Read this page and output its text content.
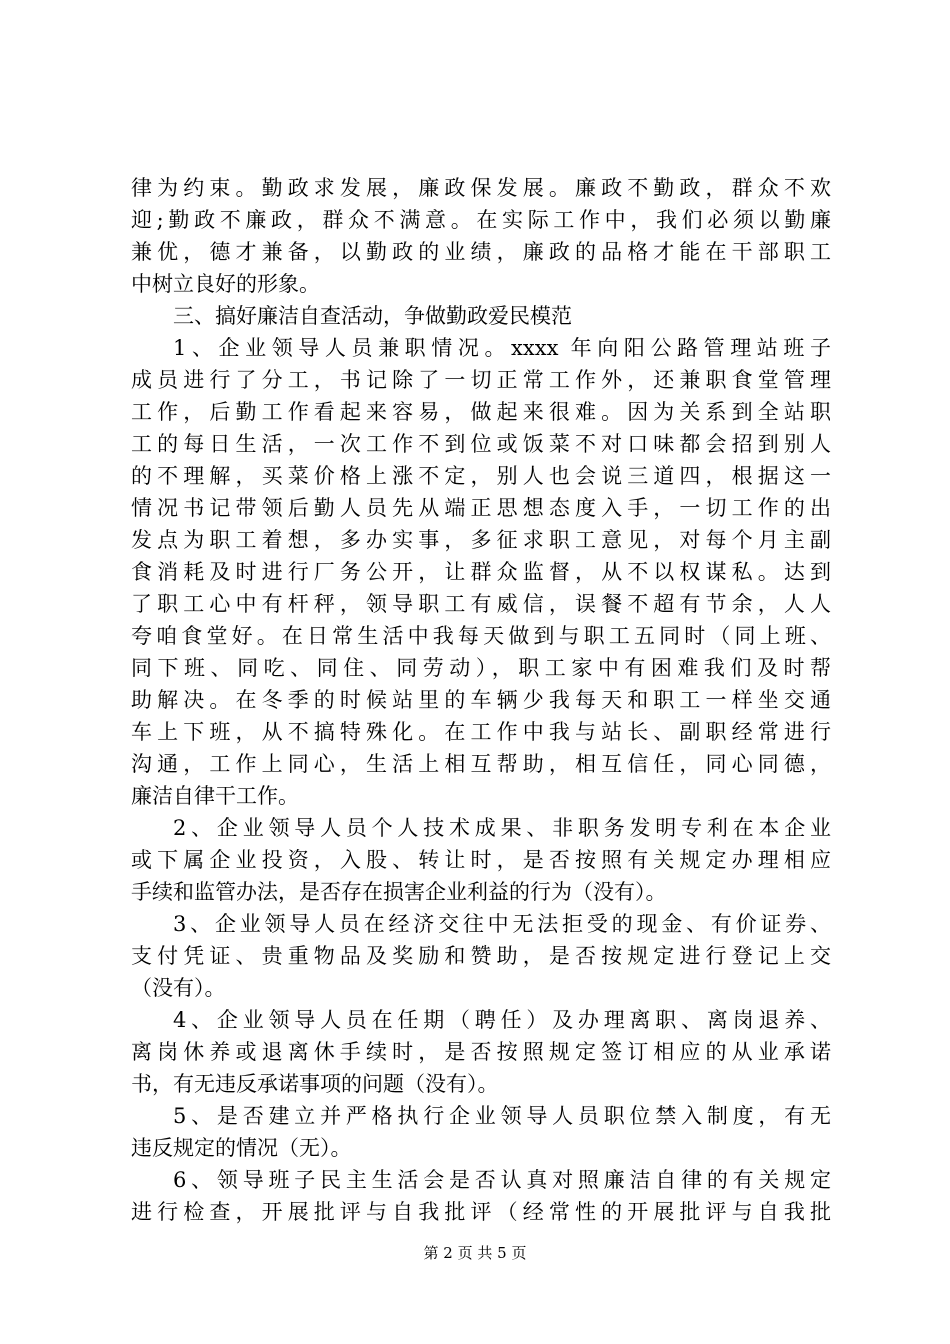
律为约束。勤政求发展，廉政保发展。廉政不勤政，群众不欢
迎;勤政不廉政，群众不满意。在实际工作中，我们必须以勤廉
兼优，德才兼备，以勤政的业绩，廉政的品格才能在干部职工
中树立良好的形象。
三、搞好廉洁自查活动，争做勤政爱民模范
1、企业领导人员兼职情况。xxxx 年向阳公路管理站班子
成员进行了分工，书记除了一切正常工作外，还兼职食堂管理
工作，后勤工作看起来容易，做起来很难。因为关系到全站职
工的每日生活，一次工作不到位或饭菜不对口味都会招到别人
的不理解，买菜价格上涨不定，别人也会说三道四，根据这一
情况书记带领后勤人员先从端正思想态度入手，一切工作的出
发点为职工着想，多办实事，多征求职工意见，对每个月主副
食消耗及时进行厂务公开，让群众监督，从不以权谋私。达到
了职工心中有杆秤，领导职工有威信，误餐不超有节余，人人
夸咱食堂好。在日常生活中我每天做到与职工五同时（同上班、
同下班、同吃、同住、同劳动），职工家中有困难我们及时帮
助解决。在冬季的时候站里的车辆少我每天和职工一样坐交通
车上下班，从不搞特殊化。在工作中我与站长、副职经常进行
沟通，工作上同心，生活上相互帮助，相互信任，同心同德，
廉洁自律干工作。
2、企业领导人员个人技术成果、非职务发明专利在本企业
或下属企业投资，入股、转让时，是否按照有关规定办理相应
手续和监管办法，是否存在损害企业利益的行为（没有）。
3、企业领导人员在经济交往中无法拒受的现金、有价证券、
支付凭证、贵重物品及奖励和赞助，是否按规定进行登记上交
（没有）。
4、企业领导人员在任期（聘任）及办理离职、离岗退养、
离岗休养或退离休手续时，是否按照规定签订相应的从业承诺
书，有无违反承诺事项的问题（没有）。
5、是否建立并严格执行企业领导人员职位禁入制度，有无
违反规定的情况（无）。
6、领导班子民主生活会是否认真对照廉洁自律的有关规定
进行检查，开展批评与自我批评（经常性的开展批评与自我批
第 2 页 共 5 页
